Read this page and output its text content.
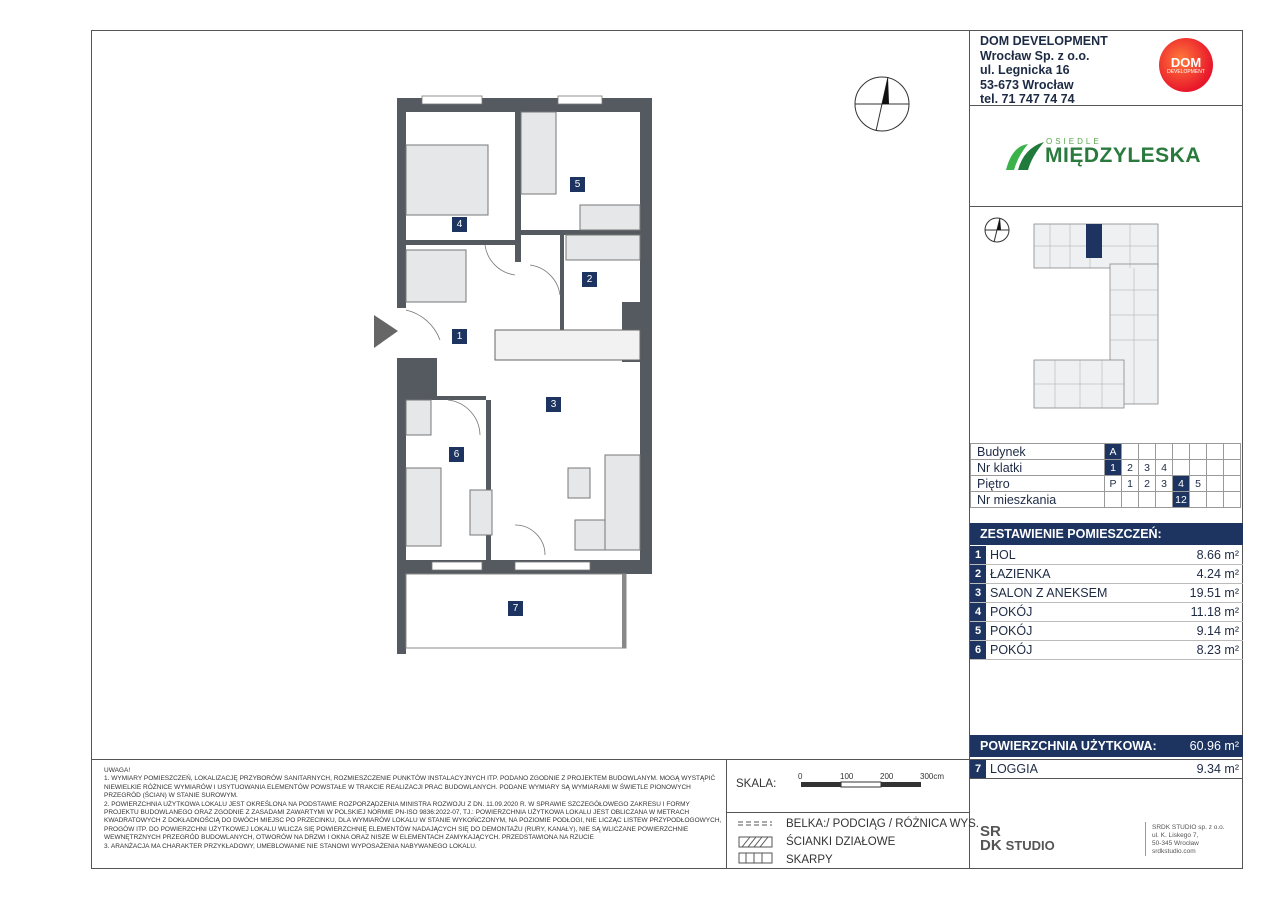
DOM DEVELOPMENT
Wrocław Sp. z o.o.
ul. Legnicka 16
53-673 Wrocław
tel. 71 747 74 74
DOM
DEVELOPMENT
OSIEDLE
MIĘDZYLESKA
Budynek	A							
Nr klatki	1	2	3	4				
Piętro	P	1	2	3	4	5		
Nr mieszkania					12			
ZESTAWIENIE POMIESZCZEŃ:
1 HOL	8.66 m²
2 ŁAZIENKA	4.24 m²
3 SALON Z ANEKSEM	19.51 m²
4 POKÓJ	11.18 m²
5 POKÓJ	9.14 m²
6 POKÓJ	8.23 m²
POWIERZCHNIA UŻYTKOWA:	60.96 m²
7 LOGGIA	9.34 m²
1
2
3
4
5
6
7

UWAGA!

1. WYMIARY POMIESZCZEŃ, LOKALIZACJĘ PRZYBORÓW SANITARNYCH, ROZMIESZCZENIE PUNKTÓW INSTALACYJNYCH ITP. PODANO ZGODNIE Z PROJEKTEM BUDOWLANYM. MOGĄ WYSTĄPIĆ NIEWIELKIE RÓŻNICE WYMIARÓW I USYTUOWANIA ELEMENTÓW POWSTAŁE W TRAKCIE REALIZACJI PRAC BUDOWLANYCH. PODANE WYMIARY SĄ WYMIARAMI W ŚWIETLE PIONOWYCH PRZEGRÓD (ŚCIAN) W STANIE SUROWYM.

2. POWIERZCHNIA UŻYTKOWA LOKALU JEST OKREŚLONA NA PODSTAWIE ROZPORZĄDZENIA MINISTRA ROZWOJU Z DN. 11.09.2020 R. W SPRAWIE SZCZEGÓŁOWEGO ZAKRESU I FORMY PROJEKTU BUDOWLANEGO ORAZ ZGODNIE Z ZASADAMI ZAWARTYMI W POLSKIEJ NORMIE PN-ISO 9836:2022-07, TJ.: POWIERZCHNIA UŻYTKOWA LOKALU JEST OBLICZANA W METRACH KWADRATOWYCH Z DOKŁADNOŚCIĄ DO DWÓCH MIEJSC PO PRZECINKU, DLA WYMIARÓW LOKALU W STANIE WYKOŃCZONYM, NA POZIOMIE PODŁOGI, NIE LICZĄC LISTEW PRZYPODŁOGOWYCH, PROGÓW ITP. DO POWIERZCHNI UŻYTKOWEJ LOKALU WLICZA SIĘ POWIERZCHNIĘ ELEMENTÓW NADAJĄCYCH SIĘ DO DEMONTAŻU (RURY, KANAŁY), NIE SĄ WLICZANE POWIERZCHNIE WEWNĘTRZNYCH PRZEGRÓD BUDOWLANYCH, OTWORÓW NA DRZWI I OKNA ORAZ NISZE W ELEMENTACH ZAMYKAJĄCYCH. PRZEDSTAWIONA NA RZUCIE

3. ARANŻACJA MA CHARAKTER PRZYKŁADOWY, UMEBLOWANIE NIE STANOWI WYPOSAŻENIA NABYWANEGO LOKALU.

SKALA:
0	100	200	300cm
BELKA:/ PODCIĄG / RÓŻNICA WYS.
ŚCIANKI DZIAŁOWE
SKARPY
SR
DK STUDIO
SRDK STUDIO sp. z o.o.
ul. K. Liskego 7,
50-345 Wrocław
srdkstudio.com
